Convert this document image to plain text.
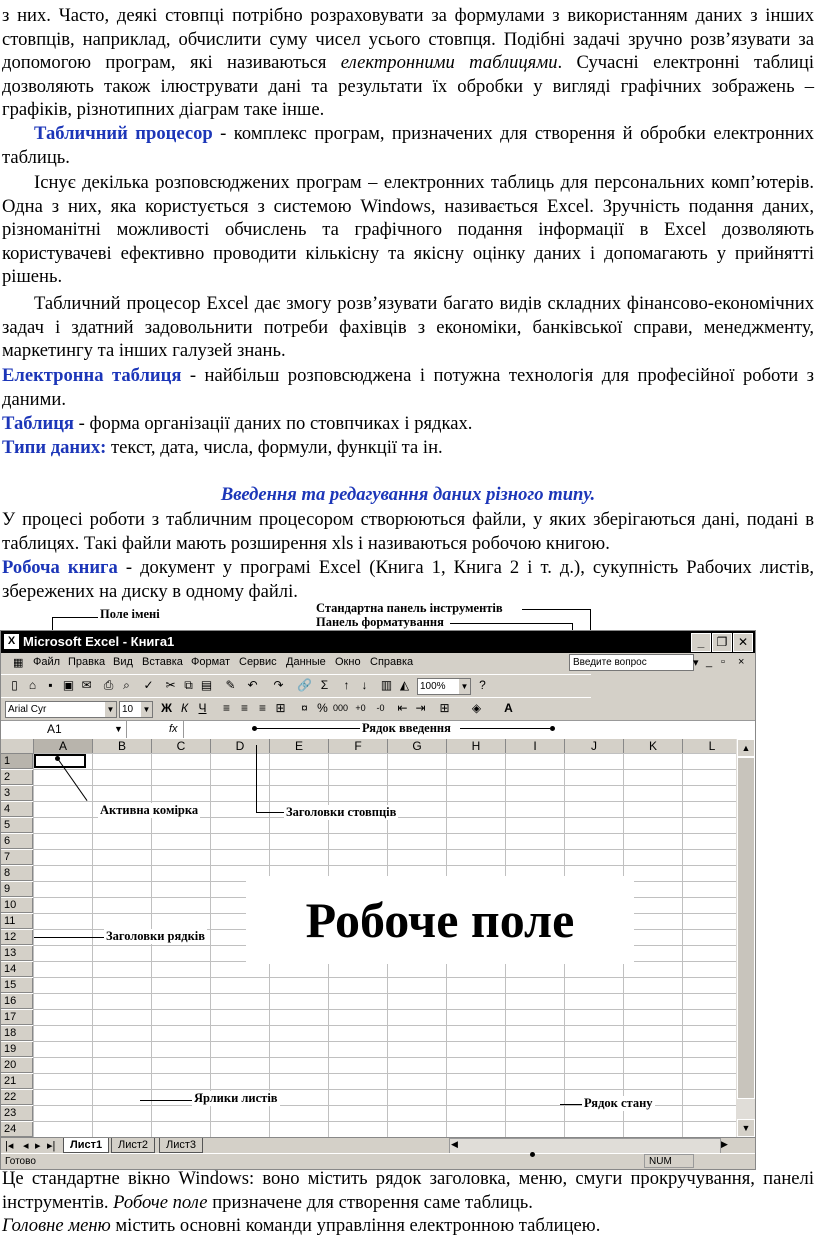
з них. Часто, деякі стовпці потрібно розраховувати за формулами з використанням даних з інших стовпців, наприклад, обчислити суму чисел усього стовпця. Подібні задачі зручно розв’язувати за допомогою програм, які називаються електронними таблицями. Сучасні електронні таблиці дозволяють також ілюструвати дані та результати їх обробки у вигляді графічних зображень – графіків, різнотипних діаграм таке інше.

Табличний процесор - комплекс програм, призначених для створення й обробки електронних таблиць.

Існує декілька розповсюджених програм – електронних таблиць для персональних комп’ютерів. Одна з них, яка користується з системою Windows, називається Excel. Зручність подання даних, різноманітні можливості обчислень та графічного подання інформації в Excel дозволяють користувачеві ефективно проводити кількісну та якісну оцінку даних і допомагають у прийнятті рішень.

Табличний процесор Excel дає змогу розв’язувати багато видів складних фінансово-економічних задач і здатний задовольнити потреби фахівців з економіки, банківської справи, менеджменту, маркетингу та інших галузей знань.

Електронна таблиця - найбільш розповсюджена і потужна технологія для професійної роботи з даними.

Таблиця - форма організації даних по стовпчиках і рядках.

Типи даних: текст, дата, числа, формули, функції та ін.

Введення та редагування даних різного типу.

У процесі роботи з табличним процесором створюються файли, у яких зберігаються дані, подані в таблицях. Такі файли мають розширення xls і називаються робочою книгою.

Робоча книга - документ у програмі Excel (Книга 1, Книга 2 і т. д.), сукупність Рабочих листів, збережених на диску в одному файлі.

Поле імені	Стандартна панель інструментів
Панель форматування
X Microsoft Excel - Книга1	_	❐ ✕
▦ Файл Правка Вид Вставка Формат Сервис Данные Окно Справка	Введите вопрос	▾ _ ▫ ×
▯ ⌂	▪ ▣ ✉ ⎙ ⌕	✓ ✂ ⧉ ▤ ✎ ↶ ↷ 🔗 Σ	↑	↓	▥ ◭	100% ▼ ?
Arial Cyr	▼ 10 ▼ Ж К Ч	≡ ≡ ≡ ⊞	¤ % 000 +0	-0 ⇤ ⇥ ⊞ ◈ A
A1	▼	fx
A	B	C	D	E	F	G	H	I	J	K	L
1
2
3
4
5
6
7
8
9
10
11
12
13
14
15
16
17
18
19
20
21
22
23
24
▲
▼
|◂ ◂ ▸ ▸|	Лист1	Лист2	Лист3	◀	▶
Готово	NUM
Робоче поле
Рядок введення
Активна комірка	Заголовки стовпців
Заголовки рядків
Ярлики листів	Рядок стану

Це стандартне вікно Windows: воно містить рядок заголовка, меню, смуги прокручування, панелі інструментів. Робоче поле призначене для створення саме таблиць.

Головне меню містить основні команди управління електронною таблицею.
